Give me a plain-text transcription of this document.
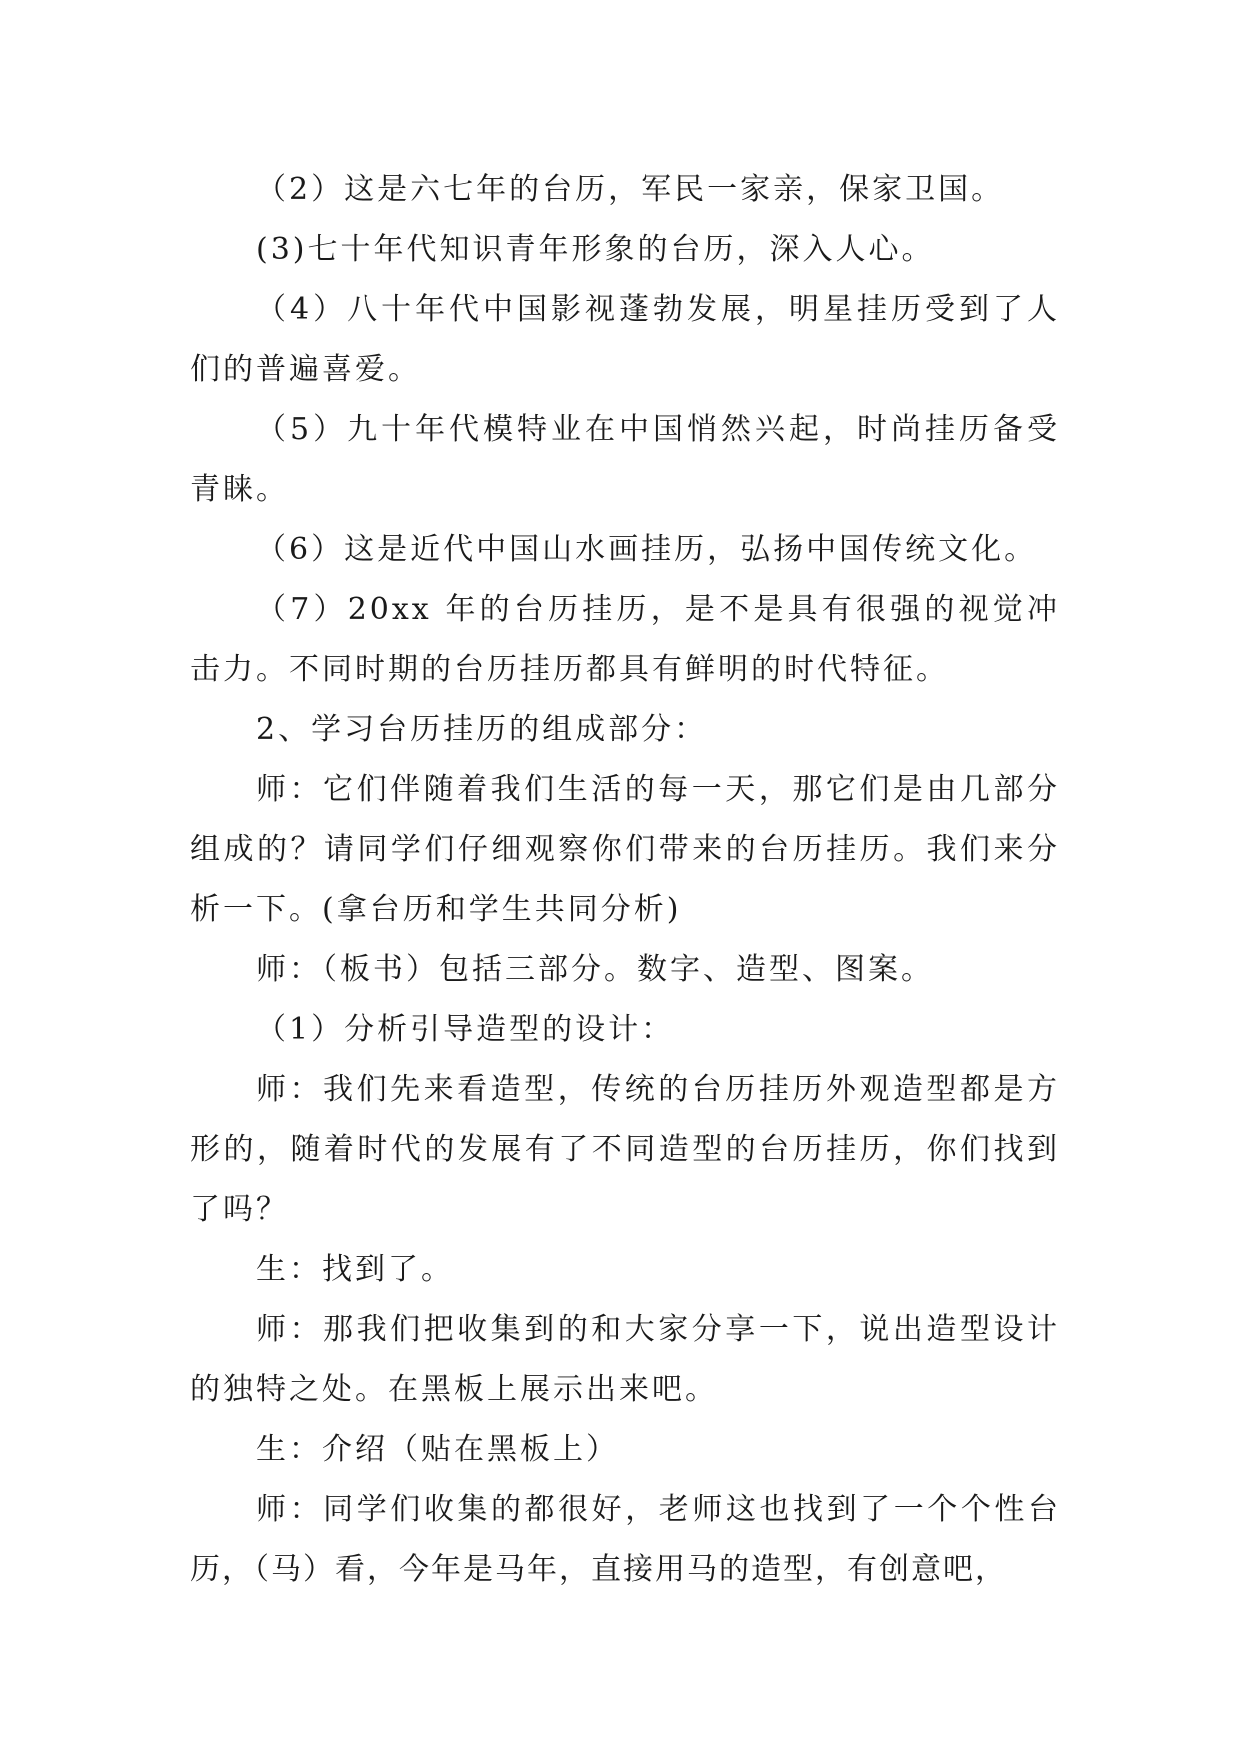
（2）这是六七年的台历，军民一家亲，保家卫国。

(3)七十年代知识青年形象的台历，深入人心。

（4）八十年代中国影视蓬勃发展，明星挂历受到了人们的普遍喜爱。

（5）九十年代模特业在中国悄然兴起，时尚挂历备受青睐。

（6）这是近代中国山水画挂历，弘扬中国传统文化。

（7）20xx 年的台历挂历，是不是具有很强的视觉冲击力。不同时期的台历挂历都具有鲜明的时代特征。

2、学习台历挂历的组成部分：

师：它们伴随着我们生活的每一天，那它们是由几部分组成的？请同学们仔细观察你们带来的台历挂历。我们来分析一下。(拿台历和学生共同分析)

师：（板书）包括三部分。数字、造型、图案。

（1）分析引导造型的设计：

师：我们先来看造型，传统的台历挂历外观造型都是方形的，随着时代的发展有了不同造型的台历挂历，你们找到了吗？

生：找到了。

师：那我们把收集到的和大家分享一下，说出造型设计的独特之处。在黑板上展示出来吧。

生：介绍（贴在黑板上）

师：同学们收集的都很好，老师这也找到了一个个性台历，（马）看，今年是马年，直接用马的造型，有创意吧，
